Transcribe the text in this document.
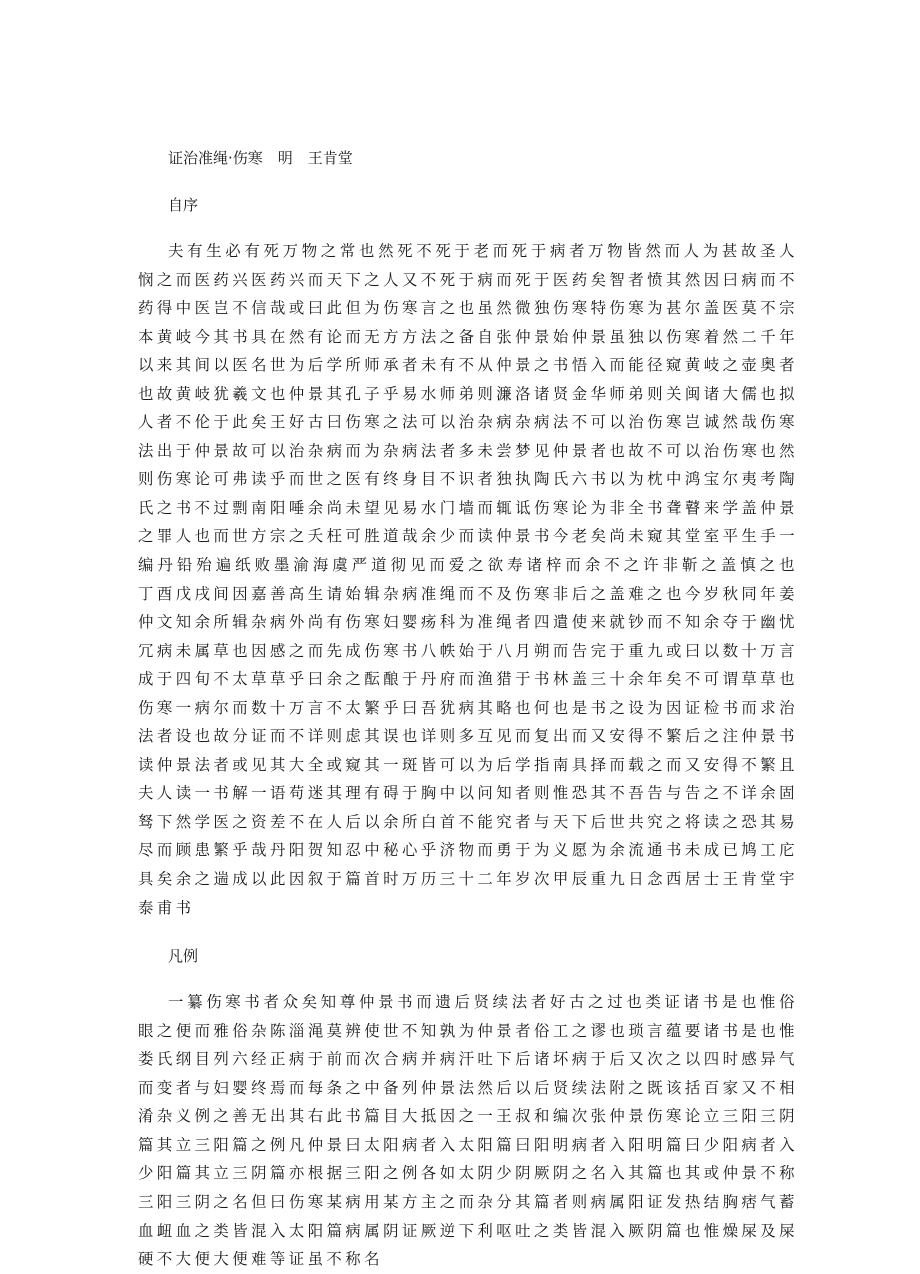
证治准绳·伤寒　明　王肯堂
自序

夫有生必有死万物之常也然死不死于老而死于病者万物皆然而人为甚故圣人悯之而医药兴医药兴而天下之人又不死于病而死于医药矣智者愤其然因曰病而不药得中医岂不信哉或曰此但为伤寒言之也虽然微独伤寒特伤寒为甚尔盖医莫不宗本黄岐今其书具在然有论而无方方法之备自张仲景始仲景虽独以伤寒着然二千年以来其间以医名世为后学所师承者未有不从仲景之书悟入而能径窥黄岐之壶奥者也故黄岐犹羲文也仲景其孔子乎易水师弟则濂洛诸贤金华师弟则关闽诸大儒也拟人者不伦于此矣王好古曰伤寒之法可以治杂病杂病法不可以治伤寒岂诚然哉伤寒法出于仲景故可以治杂病而为杂病法者多未尝梦见仲景者也故不可以治伤寒也然则伤寒论可弗读乎而世之医有终身目不识者独执陶氏六书以为枕中鸿宝尔夷考陶氏之书不过剽南阳唾余尚未望见易水门墙而辄诋伤寒论为非全书聋瞽来学盖仲景之罪人也而世方宗之夭枉可胜道哉余少而读仲景书今老矣尚未窥其堂室平生手一编丹铅殆遍纸败墨渝海虞严道彻见而爱之欲寿诸梓而余不之许非靳之盖慎之也　丁酉戊戌间因嘉善高生请始辑杂病准绳而不及伤寒非后之盖难之也今岁秋同年姜仲文知余所辑杂病外尚有伤寒妇婴疡科为准绳者四遣使来就钞而不知余夺于幽忧冗病未属草也因感之而先成伤寒书八帙始于八月朔而告完于重九或曰以数十万言成于四旬不太草草乎曰余之酝酿于丹府而渔猎于书林盖三十余年矣不可谓草草也伤寒一病尔而数十万言不太繁乎曰吾犹病其略也何也是书之设为因证检书而求治法者设也故分证而不详则虑其误也详则多互见而复出而又安得不繁后之注仲景书读仲景法者或见其大全或窥其一斑皆可以为后学指南具择而载之而又安得不繁且夫人读一书解一语苟迷其理有碍于胸中以问知者则惟恐其不吾告与告之不详余固驽下然学医之资差不在人后以余所白首不能究者与天下后世共究之将读之恐其易尽而顾患繁乎哉丹阳贺知忍中秘心乎济物而勇于为义愿为余流通书未成已鸠工庀具矣余之遄成以此因叙于篇首时万历三十二年岁次甲辰重九日念西居士王肯堂宇泰甫书

凡例

一纂伤寒书者众矣知尊仲景书而遗后贤续法者好古之过也类证诸书是也惟俗眼之便而雅俗杂陈淄渑莫辨使世不知孰为仲景者俗工之谬也琐言蕴要诸书是也惟娄氏纲目列六经正病于前而次合病并病汗吐下后诸坏病于后又次之以四时感异气而变者与妇婴终焉而每条之中备列仲景法然后以后贤续法附之既该括百家又不相淆杂义例之善无出其右此书篇目大抵因之一王叔和编次张仲景伤寒论立三阳三阴篇其立三阳篇之例凡仲景曰太阳病者入太阳篇曰阳明病者入阳明篇曰少阳病者入少阳篇其立三阴篇亦根据三阳之例各如太阴少阴厥阴之名入其篇也其或仲景不称三阳三阴之名但曰伤寒某病用某方主之而杂分其篇者则病属阳证发热结胸痞气蓄血衄血之类皆混入太阳篇病属阴证厥逆下利呕吐之类皆混入厥阴篇也惟燥屎及屎硬不大便大便难等证虽不称名
